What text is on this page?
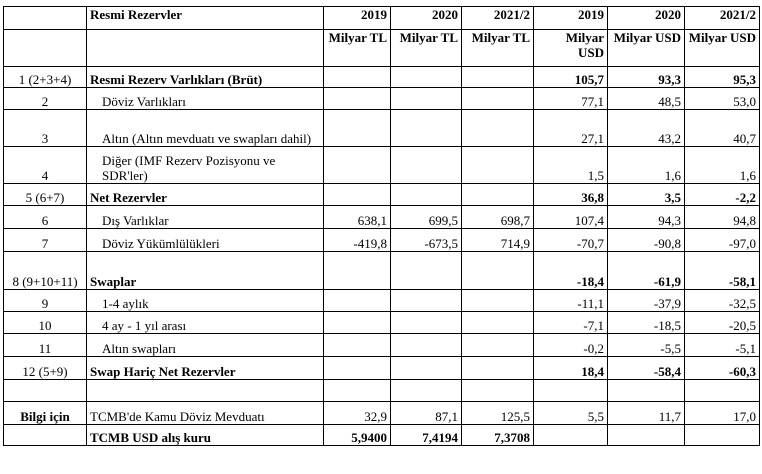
	Resmi Rezervler	2019	2020	2021/2	2019	2020	2021/2
		Milyar TL	Milyar TL	Milyar TL	Milyar USD	Milyar USD	Milyar USD
1 (2+3+4)	Resmi Rezerv Varlıkları (Brüt)				105,7	93,3	95,3
2	Döviz Varlıkları				77,1	48,5	53,0
3	Altın (Altın mevduatı ve swapları dahil)				27,1	43,2	40,7
4	Diğer (IMF Rezerv Pozisyonu ve SDR'ler)				1,5	1,6	1,6
5 (6+7)	Net Rezervler				36,8	3,5	-2,2
6	Dış Varlıklar	638,1	699,5	698,7	107,4	94,3	94,8
7	Döviz Yükümlülükleri	-419,8	-673,5	714,9	-70,7	-90,8	-97,0
8 (9+10+11)	Swaplar				-18,4	-61,9	-58,1
9	1-4 aylık				-11,1	-37,9	-32,5
10	4 ay - 1 yıl arası				-7,1	-18,5	-20,5
11	Altın swapları				-0,2	-5,5	-5,1
12 (5+9)	Swap Hariç Net Rezervler				18,4	-58,4	-60,3

Bilgi için	TCMB'de Kamu Döviz Mevduatı	32,9	87,1	125,5	5,5	11,7	17,0
	TCMB USD alış kuru	5,9400	7,4194	7,3708			
